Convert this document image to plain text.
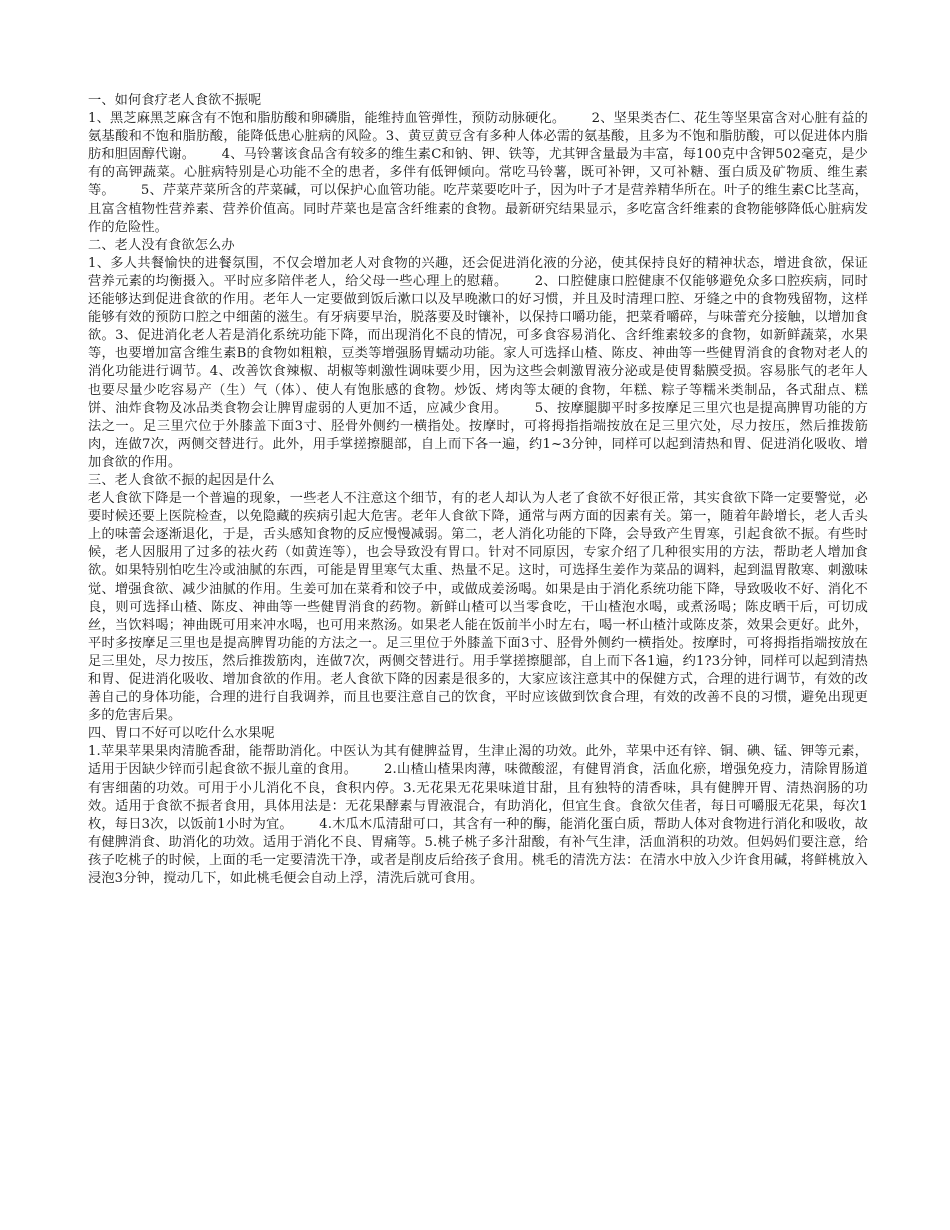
一、如何食疗老人食欲不振呢

1、黑芝麻黑芝麻含有不饱和脂肪酸和卵磷脂，能维持血管弹性，预防动脉硬化。      2、坚果类杏仁、花生等坚果富含对心脏有益的氨基酸和不饱和脂肪酸，能降低患心脏病的风险。3、黄豆黄豆含有多种人体必需的氨基酸，且多为不饱和脂肪酸，可以促进体内脂肪和胆固醇代谢。      4、马铃薯该食品含有较多的维生素C和钠、钾、铁等，尤其钾含量最为丰富，每100克中含钾502毫克，是少有的高钾蔬菜。心脏病特别是心功能不全的患者，多伴有低钾倾向。常吃马铃薯，既可补钾，又可补糖、蛋白质及矿物质、维生素等。      5、芹菜芹菜所含的芹菜碱，可以保护心血管功能。吃芹菜要吃叶子，因为叶子才是营养精华所在。叶子的维生素C比茎高，且富含植物性营养素、营养价值高。同时芹菜也是富含纤维素的食物。最新研究结果显示，多吃富含纤维素的食物能够降低心脏病发作的危险性。

二、老人没有食欲怎么办

1、多人共餐愉快的进餐氛围，不仅会增加老人对食物的兴趣，还会促进消化液的分泌，使其保持良好的精神状态，增进食欲，保证营养元素的均衡摄入。平时应多陪伴老人，给父母一些心理上的慰藉。      2、口腔健康口腔健康不仅能够避免众多口腔疾病，同时还能够达到促进食欲的作用。老年人一定要做到饭后漱口以及早晚漱口的好习惯，并且及时清理口腔、牙缝之中的食物残留物，这样能够有效的预防口腔之中细菌的滋生。有牙病要早治，脱落要及时镶补，以保持口嚼功能，把菜肴嚼碎，与味蕾充分接触，以增加食欲。3、促进消化老人若是消化系统功能下降，而出现消化不良的情况，可多食容易消化、含纤维素较多的食物，如新鲜蔬菜，水果等，也要增加富含维生素B的食物如粗粮，豆类等增强肠胃蠕动功能。家人可选择山楂、陈皮、神曲等一些健胃消食的食物对老人的消化功能进行调节。4、改善饮食辣椒、胡椒等刺激性调味要少用，因为这些会刺激胃液分泌或是使胃黏膜受损。容易胀气的老年人也要尽量少吃容易产（生）气（体）、使人有饱胀感的食物。炒饭、烤肉等太硬的食物，年糕、粽子等糯米类制品，各式甜点、糕饼、油炸食物及冰品类食物会让脾胃虚弱的人更加不适，应减少食用。      5、按摩腿脚平时多按摩足三里穴也是提高脾胃功能的方法之一。足三里穴位于外膝盖下面3寸、胫骨外侧约一横指处。按摩时，可将拇指指端按放在足三里穴处，尽力按压，然后推拨筋肉，连做7次，两侧交替进行。此外，用手掌搓擦腿部，自上而下各一遍，约1~3分钟，同样可以起到清热和胃、促进消化吸收、增加食欲的作用。

三、老人食欲不振的起因是什么

老人食欲下降是一个普遍的现象，一些老人不注意这个细节，有的老人却认为人老了食欲不好很正常，其实食欲下降一定要警觉，必要时候还要上医院检查，以免隐藏的疾病引起大危害。老年人食欲下降，通常与两方面的因素有关。第一，随着年龄增长，老人舌头上的味蕾会逐渐退化，于是，舌头感知食物的反应慢慢减弱。第二，老人消化功能的下降，会导致产生胃寒，引起食欲不振。有些时候，老人因服用了过多的祛火药（如黄连等），也会导致没有胃口。针对不同原因，专家介绍了几种很实用的方法，帮助老人增加食欲。如果特别怕吃生冷或油腻的东西，可能是胃里寒气太重、热量不足。这时，可选择生姜作为菜品的调料，起到温胃散寒、刺激味觉、增强食欲、减少油腻的作用。生姜可加在菜肴和饺子中，或做成姜汤喝。如果是由于消化系统功能下降，导致吸收不好、消化不良，则可选择山楂、陈皮、神曲等一些健胃消食的药物。新鲜山楂可以当零食吃，干山楂泡水喝，或煮汤喝；陈皮晒干后，可切成丝，当饮料喝；神曲既可用来冲水喝，也可用来熬汤。如果老人能在饭前半小时左右，喝一杯山楂汁或陈皮茶，效果会更好。此外，平时多按摩足三里也是提高脾胃功能的方法之一。足三里位于外膝盖下面3寸、胫骨外侧约一横指处。按摩时，可将拇指指端按放在足三里处，尽力按压，然后推拨筋肉，连做7次，两侧交替进行。用手掌搓擦腿部，自上而下各1遍，约1?3分钟，同样可以起到清热和胃、促进消化吸收、增加食欲的作用。老人食欲下降的因素是很多的，大家应该注意其中的保健方式，合理的进行调节，有效的改善自己的身体功能，合理的进行自我调养，而且也要注意自己的饮食，平时应该做到饮食合理，有效的改善不良的习惯，避免出现更多的危害后果。

四、胃口不好可以吃什么水果呢

1.苹果苹果果肉清脆香甜，能帮助消化。中医认为其有健脾益胃，生津止渴的功效。此外，苹果中还有锌、铜、碘、锰、钾等元素，适用于因缺少锌而引起食欲不振儿童的食用。      2.山楂山楂果肉薄，味微酸涩，有健胃消食，活血化瘀，增强免疫力，清除胃肠道有害细菌的功效。可用于小儿消化不良，食积内停。3.无花果无花果味道甘甜，且有独特的清香味，具有健脾开胃、清热润肠的功效。适用于食欲不振者食用，具体用法是：无花果酵素与胃液混合，有助消化，但宜生食。食欲欠佳者，每日可嚼服无花果，每次1枚，每日3次，以饭前1小时为宜。      4.木瓜木瓜清甜可口，其含有一种的酶，能消化蛋白质，帮助人体对食物进行消化和吸收，故有健脾消食、助消化的功效。适用于消化不良、胃痛等。5.桃子桃子多汁甜酸，有补气生津，活血消积的功效。但妈妈们要注意，给孩子吃桃子的时候，上面的毛一定要清洗干净，或者是削皮后给孩子食用。桃毛的清洗方法：在清水中放入少许食用碱，将鲜桃放入浸泡3分钟，搅动几下，如此桃毛便会自动上浮，清洗后就可食用。
